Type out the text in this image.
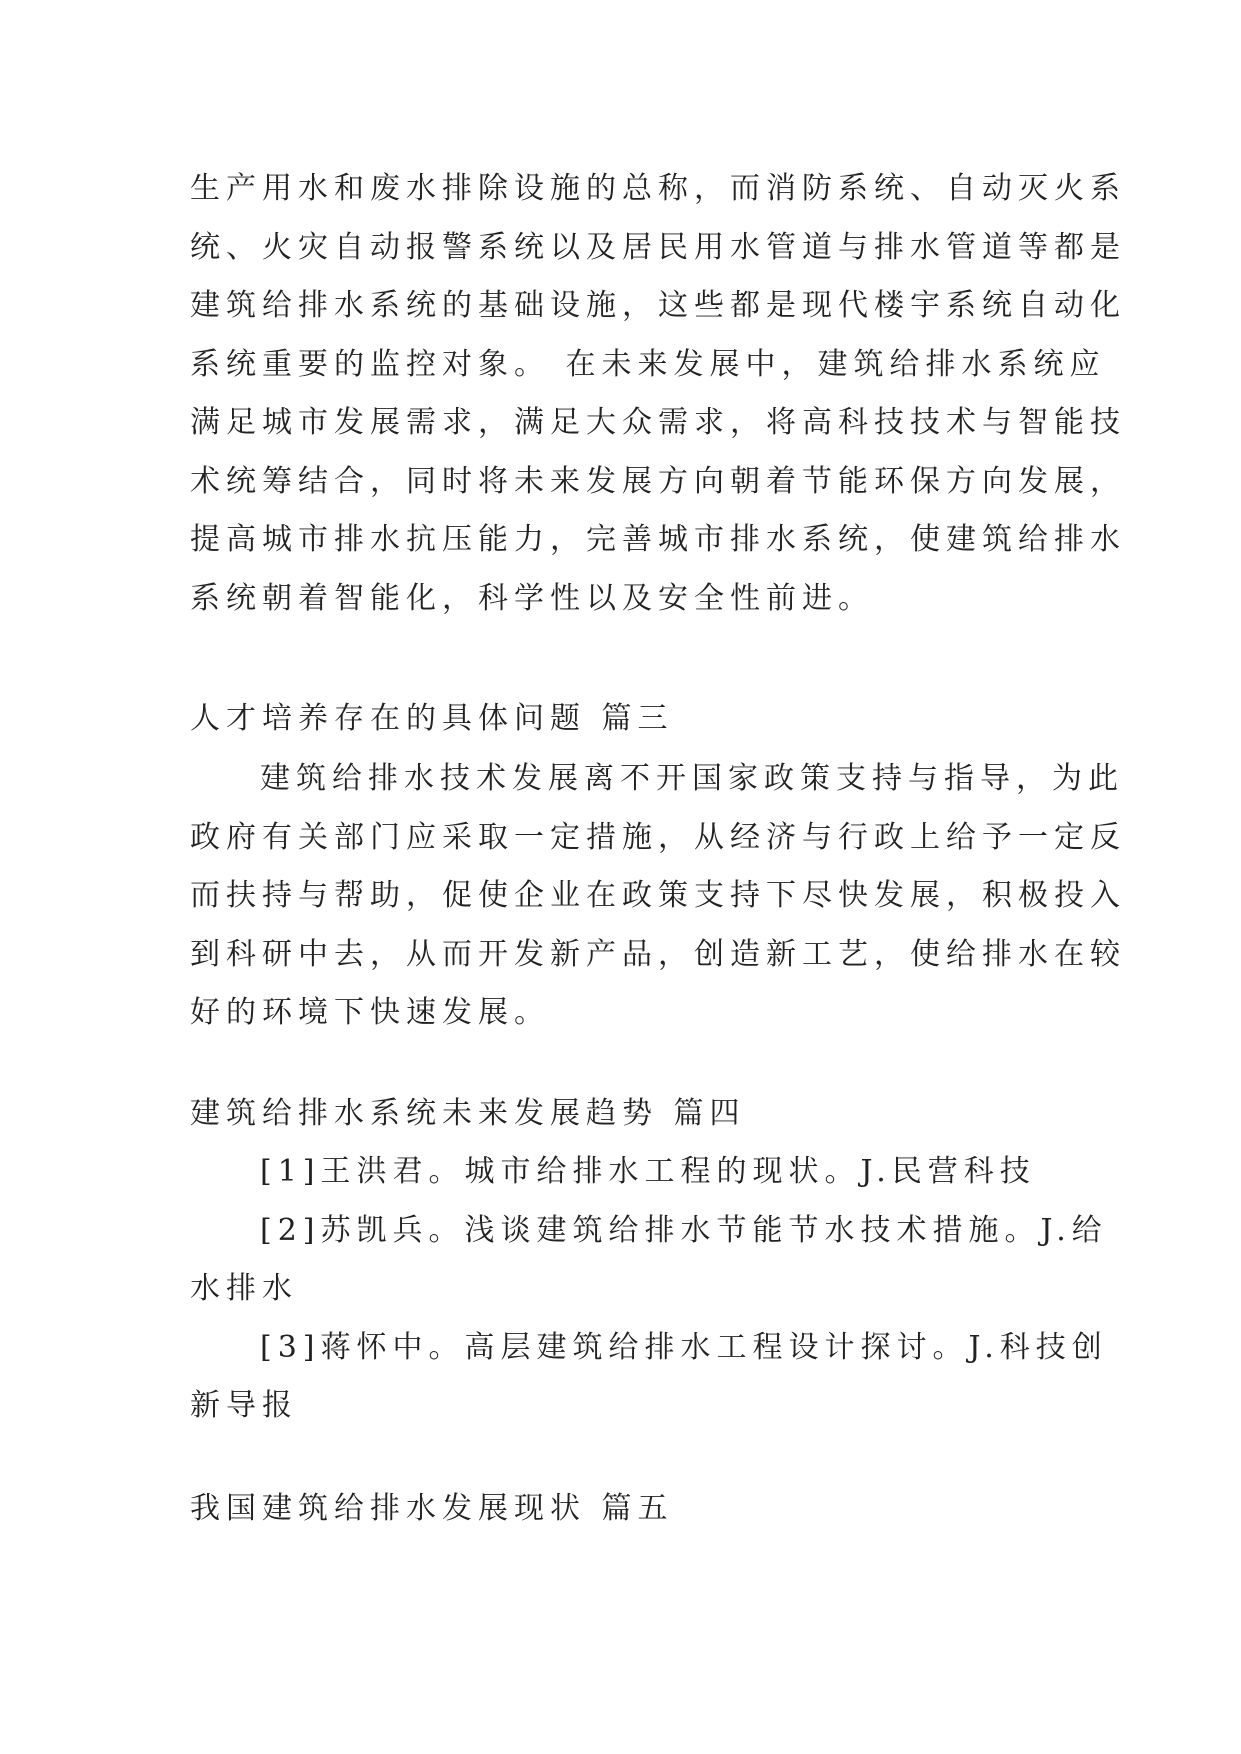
生产用水和废水排除设施的总称，而消防系统、自动灭火系
统、火灾自动报警系统以及居民用水管道与排水管道等都是
建筑给排水系统的基础设施，这些都是现代楼宇系统自动化
系统重要的监控对象。 在未来发展中，建筑给排水系统应
满足城市发展需求，满足大众需求，将高科技技术与智能技
术统筹结合，同时将未来发展方向朝着节能环保方向发展，
提高城市排水抗压能力，完善城市排水系统，使建筑给排水
系统朝着智能化，科学性以及安全性前进。
人才培养存在的具体问题 篇三
建筑给排水技术发展离不开国家政策支持与指导，为此
政府有关部门应采取一定措施，从经济与行政上给予一定反
而扶持与帮助，促使企业在政策支持下尽快发展，积极投入
到科研中去，从而开发新产品，创造新工艺，使给排水在较
好的环境下快速发展。
建筑给排水系统未来发展趋势 篇四
[1]王洪君。城市给排水工程的现状。J.民营科技
[2]苏凯兵。浅谈建筑给排水节能节水技术措施。J.给
水排水
[3]蒋怀中。高层建筑给排水工程设计探讨。J.科技创
新导报
我国建筑给排水发展现状 篇五
